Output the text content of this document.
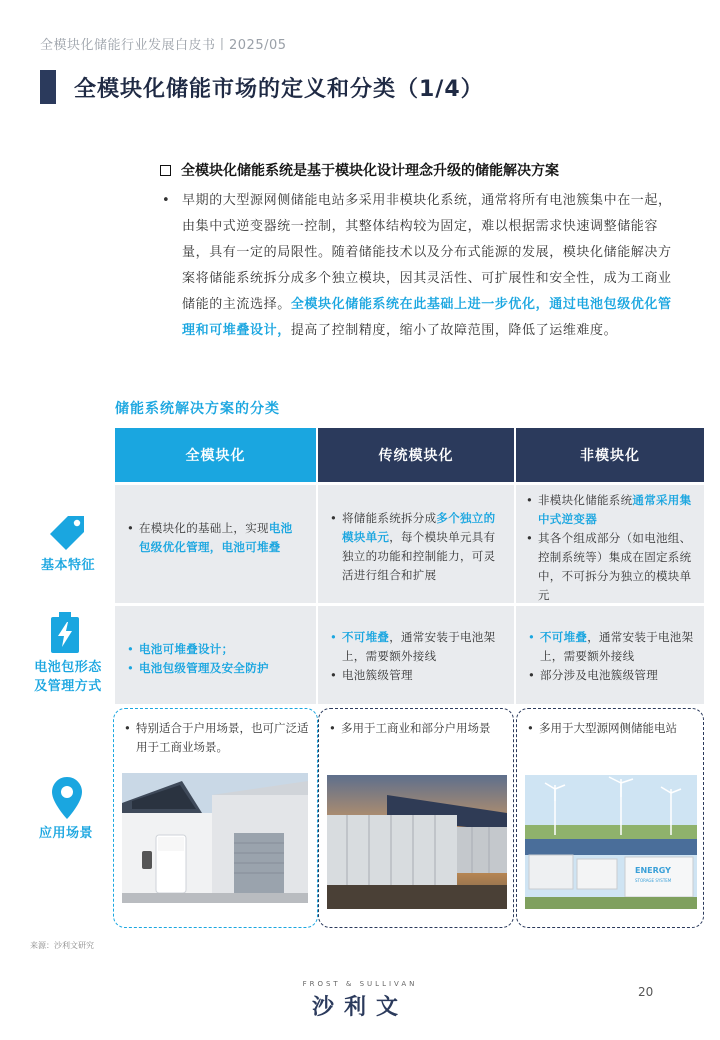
全模块化储能行业发展白皮书丨2025/05
全模块化储能市场的定义和分类（1/4）
全模块化储能系统是基于模块化设计理念升级的储能解决方案
• 早期的大型源网侧储能电站多采用非模块化系统，通常将所有电池簇集中在一起，由集中式逆变器统一控制，其整体结构较为固定，难以根据需求快速调整储能容量，具有一定的局限性。随着储能技术以及分布式能源的发展，模块化储能解决方案将储能系统拆分成多个独立模块，因其灵活性、可扩展性和安全性，成为工商业储能的主流选择。全模块化储能系统在此基础上进一步优化，通过电池包级优化管理和可堆叠设计，提高了控制精度，缩小了故障范围，降低了运维难度。

储能系统解决方案的分类
全模块化	传统模块化	非模块化
基本特征
电池包形态及管理方式
应用场景
• 在模块化的基础上，实现电池包级优化管理，电池可堆叠
• 将储能系统拆分成多个独立的模块单元，每个模块单元具有独立的功能和控制能力，可灵活进行组合和扩展
• 非模块化储能系统通常采用集中式逆变器
• 其各个组成部分（如电池组、控制系统等）集成在固定系统中，不可拆分为独立的模块单元
• 电池可堆叠设计；
• 电池包级管理及安全防护
• 不可堆叠，通常安装于电池架上，需要额外接线
• 电池簇级管理
• 不可堆叠，通常安装于电池架上，需要额外接线
• 部分涉及电池簇级管理
• 特别适合于户用场景，也可广泛适用于工商业场景。
• 多用于工商业和部分户用场景
•	多用于大型源网侧储能电站
ENERGY
STORAGE SYSTEM
来源：沙利文研究
FROST & SULLIVAN
沙利文
20
